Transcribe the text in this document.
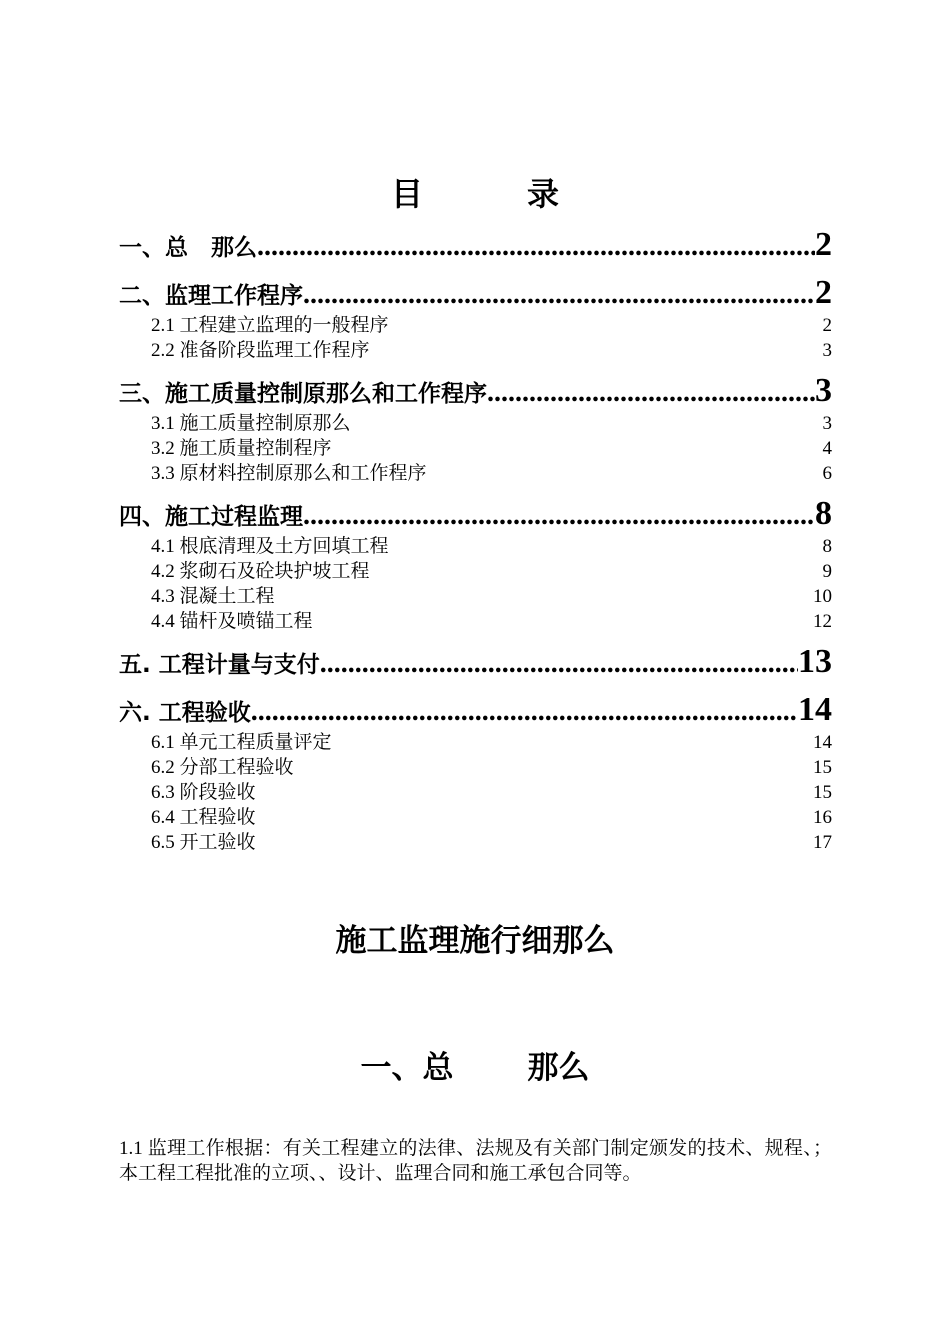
目	录
一、总　那么 .....	2
二、监理工作程序 .....	2
2.1 工程建立监理的一般程序	2
2.2 准备阶段监理工作程序	3
三、施工质量控制原那么和工作程序 .....	3
3.1 施工质量控制原那么	3
3.2 施工质量控制程序	4
3.3 原材料控制原那么和工作程序	6
四、施工过程监理 .....	8
4.1 根底清理及土方回填工程	8
4.2 浆砌石及砼块护坡工程	9
4.3 混凝土工程	10
4.4 锚杆及喷锚工程	12
五. 工程计量与支付 .....	13
六. 工程验收 .....	14
6.1 单元工程质量评定	14
6.2 分部工程验收	15
6.3 阶段验收	15
6.4 工程验收	16
6.5 开工验收	17
施工监理施行细那么
一、总 那么
1.1 监理工作根据：有关工程建立的法律、法规及有关部门制定颁发的技术、规程、；本工程工程批准的立项、、设计、监理合同和施工承包合同等。
